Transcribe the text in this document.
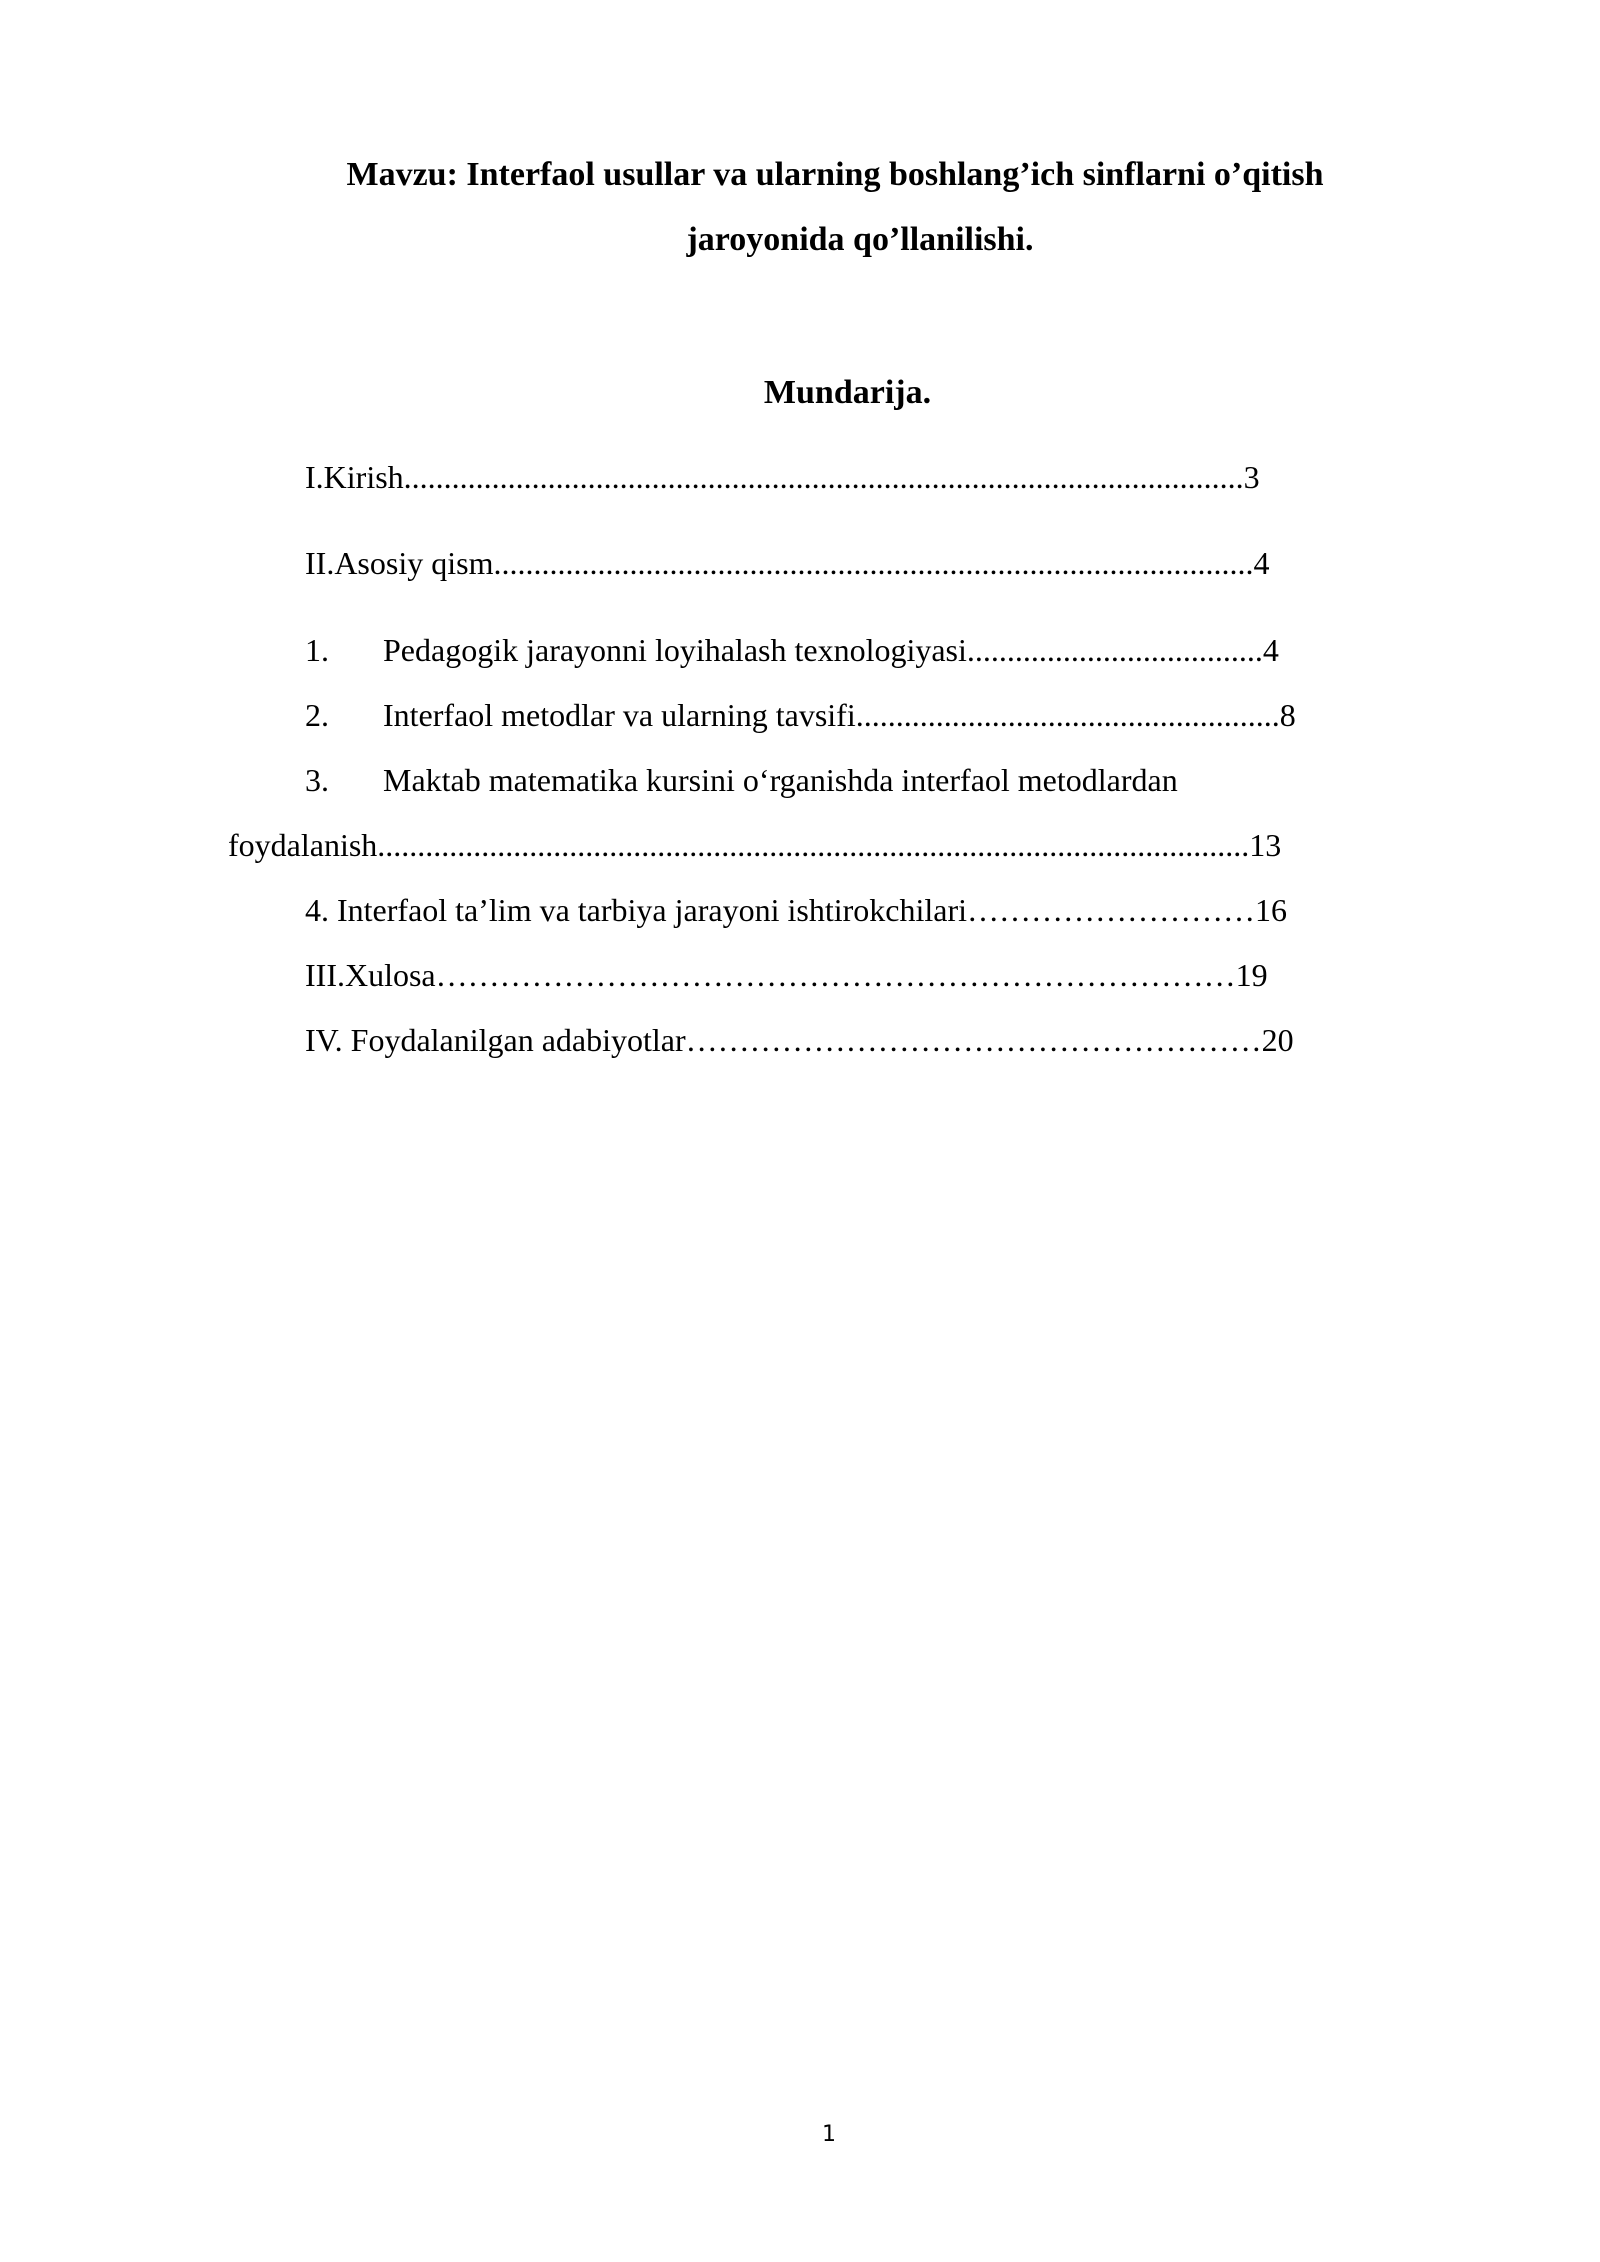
Mavzu: Interfaol usullar va ularning boshlang’ich sinflarni o’qitish
jaroyonida qo’llanilishi.
Mundarija.
I.Kirish.........................................................................................................3
II.Asosiy qism...............................................................................................4
1. Pedagogik jarayonni loyihalash texnologiyasi.....................................4
2. Interfaol metodlar va ularning tavsifi.....................................................8
3. Maktab matematika kursini o‘rganishda interfaol metodlardan
foydalanish.............................................................................................................13
4. Interfaol ta’lim va tarbiya jarayoni ishtirokchilari………………………16
III.Xulosa…………………………………………………………………19
IV. Foydalanilgan adabiyotlar………………………………………………20
1
